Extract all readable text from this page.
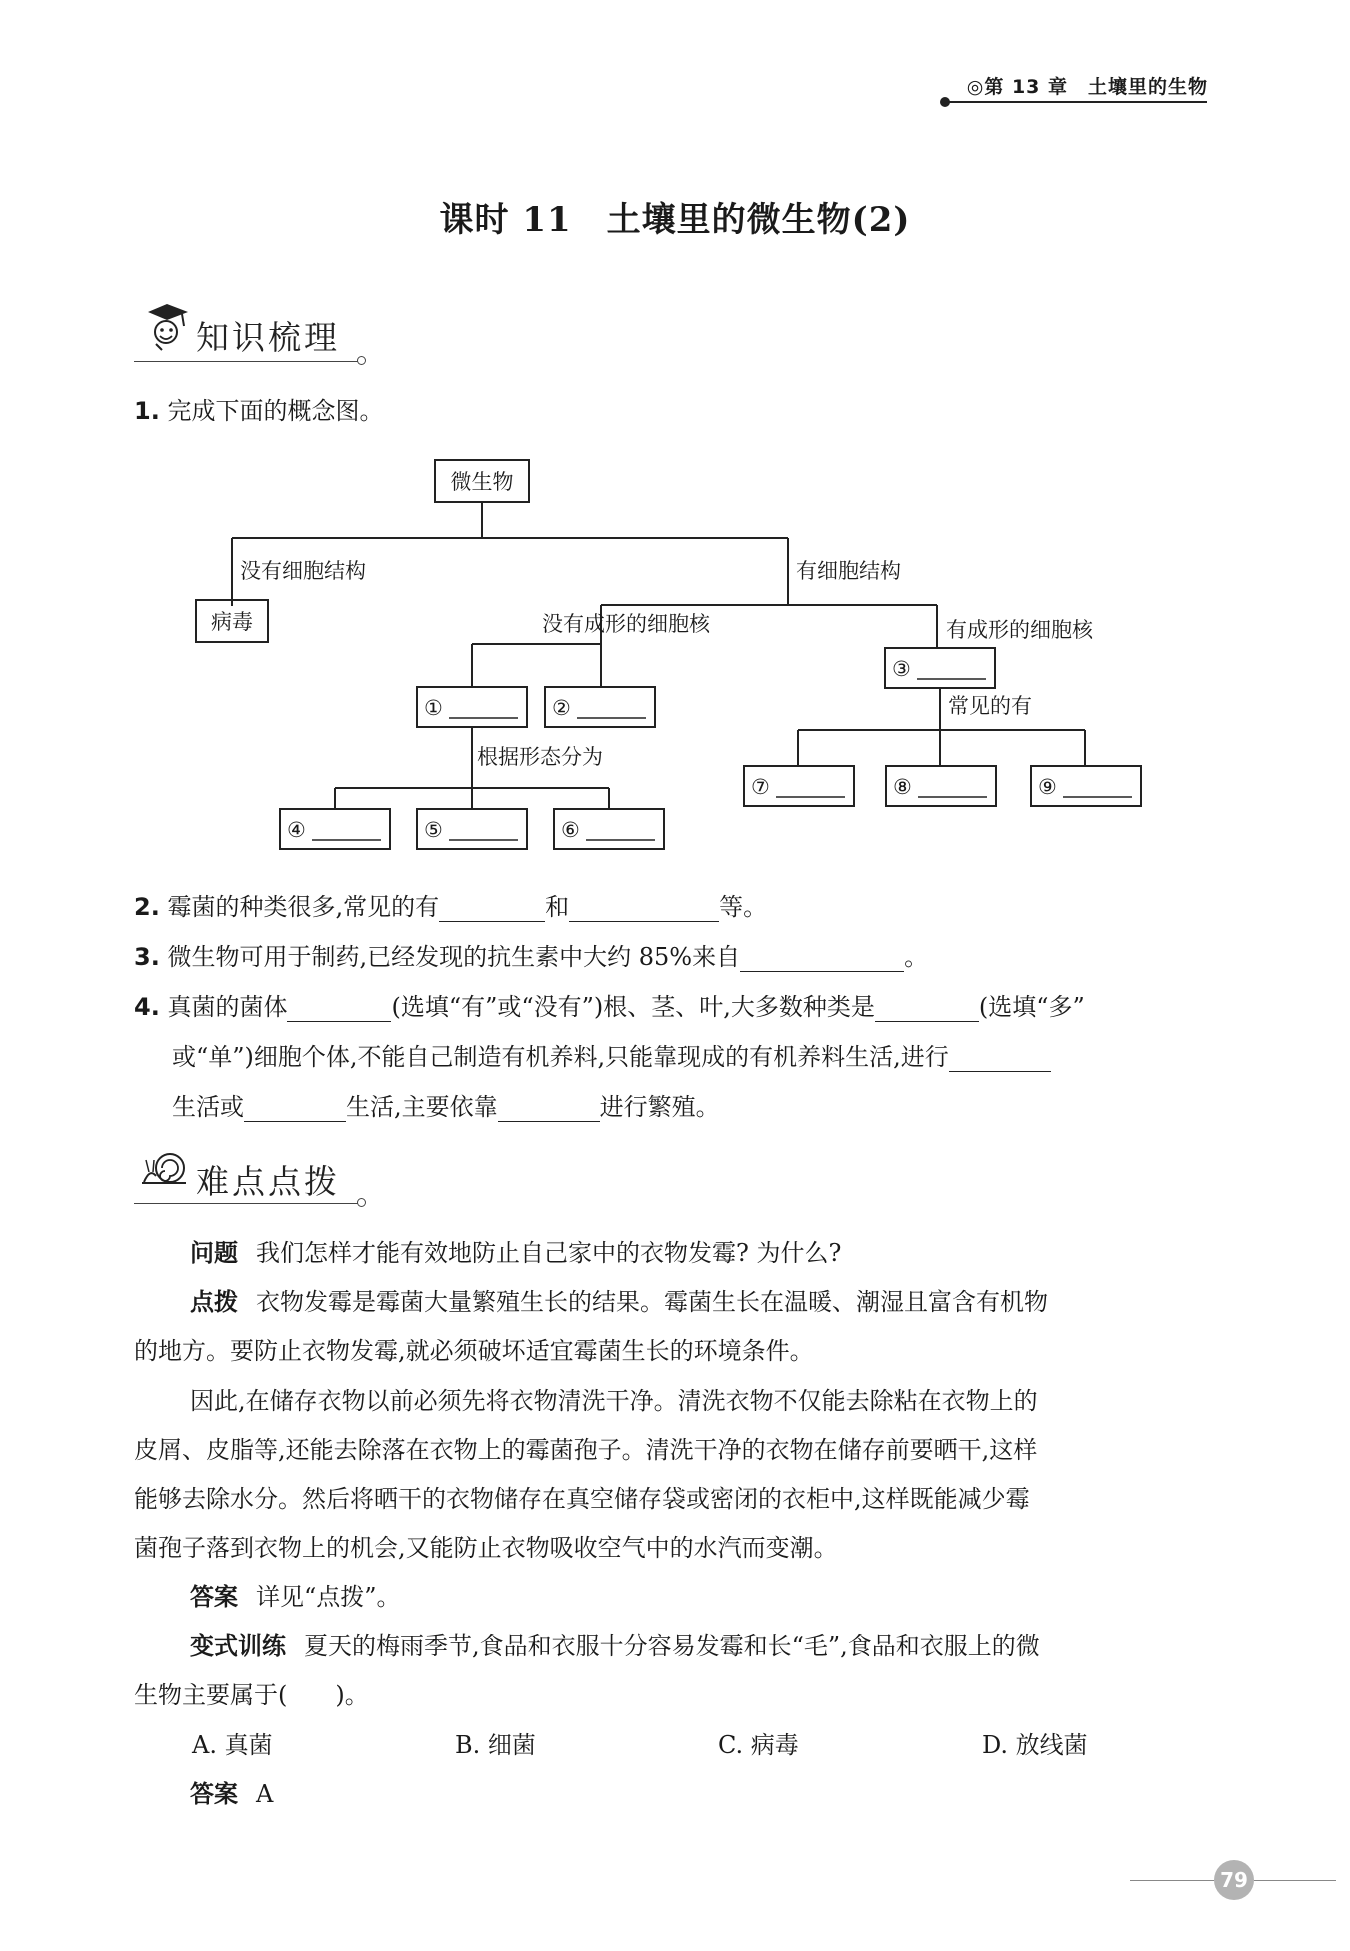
◎第 13 章　土壤里的生物
课时 11　土壤里的微生物(2)
知识梳理
1. 完成下面的概念图。
微生物
没有细胞结构
病毒
有细胞结构
没有成形的细胞核	有成形的细胞核
常见的有
根据形态分为
①	②
③
④	⑤	⑥
⑦	⑧	⑨
2. 霉菌的种类很多,常见的有	和	等。
3. 微生物可用于制药,已经发现的抗生素中大约 85%来自	。
4. 真菌的菌体	(选填“有”或“没有”)根、茎、叶,大多数种类是	(选填“多”
或“单”)细胞个体,不能自己制造有机养料,只能靠现成的有机养料生活,进行
生活或	生活,主要依靠	进行繁殖。
难点点拨
问题 我们怎样才能有效地防止自己家中的衣物发霉? 为什么?
点拨 衣物发霉是霉菌大量繁殖生长的结果。霉菌生长在温暖、潮湿且富含有机物
的地方。要防止衣物发霉,就必须破坏适宜霉菌生长的环境条件。
因此,在储存衣物以前必须先将衣物清洗干净。清洗衣物不仅能去除粘在衣物上的
皮屑、皮脂等,还能去除落在衣物上的霉菌孢子。清洗干净的衣物在储存前要晒干,这样
能够去除水分。然后将晒干的衣物储存在真空储存袋或密闭的衣柜中,这样既能减少霉
菌孢子落到衣物上的机会,又能防止衣物吸收空气中的水汽而变潮。
答案 详见“点拨”。
变式训练 夏天的梅雨季节,食品和衣服十分容易发霉和长“毛”,食品和衣服上的微
生物主要属于(　　)。
A. 真菌	B. 细菌	C. 病毒	D. 放线菌
答案 A
79
